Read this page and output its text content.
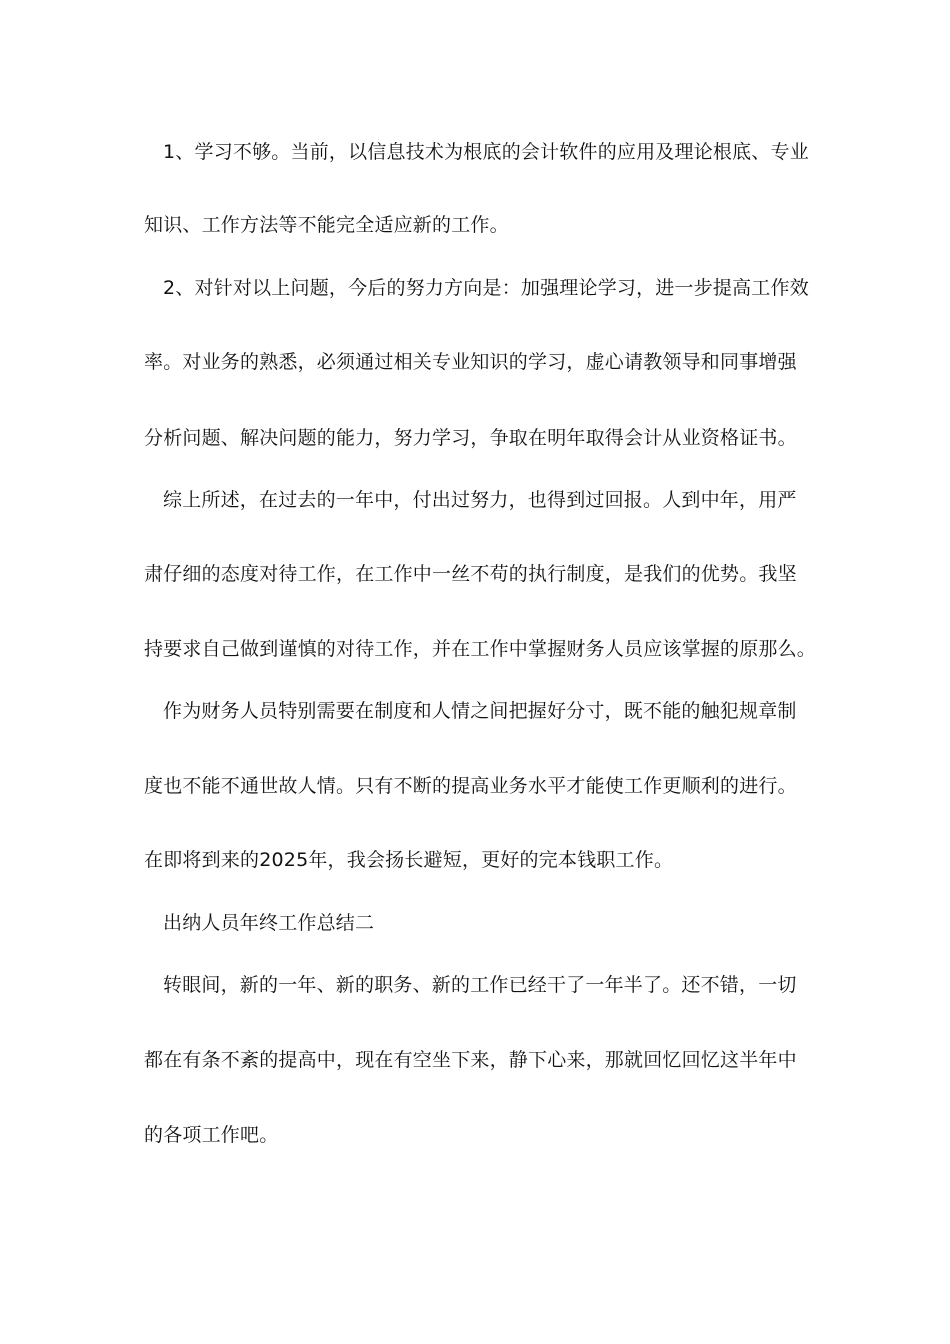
1、学习不够。当前，以信息技术为根底的会计软件的应用及理论根底、专业
知识、工作方法等不能完全适应新的工作。
2、对针对以上问题，今后的努力方向是：加强理论学习，进一步提高工作效
率。对业务的熟悉，必须通过相关专业知识的学习，虚心请教领导和同事增强
分析问题、解决问题的能力，努力学习，争取在明年取得会计从业资格证书。
综上所述，在过去的一年中，付出过努力，也得到过回报。人到中年，用严
肃仔细的态度对待工作，在工作中一丝不苟的执行制度，是我们的优势。我坚
持要求自己做到谨慎的对待工作，并在工作中掌握财务人员应该掌握的原那么。
作为财务人员特别需要在制度和人情之间把握好分寸，既不能的触犯规章制
度也不能不通世故人情。只有不断的提高业务水平才能使工作更顺利的进行。
在即将到来的2025年，我会扬长避短，更好的完本钱职工作。
出纳人员年终工作总结二
转眼间，新的一年、新的职务、新的工作已经干了一年半了。还不错，一切
都在有条不紊的提高中，现在有空坐下来，静下心来，那就回忆回忆这半年中
的各项工作吧。
